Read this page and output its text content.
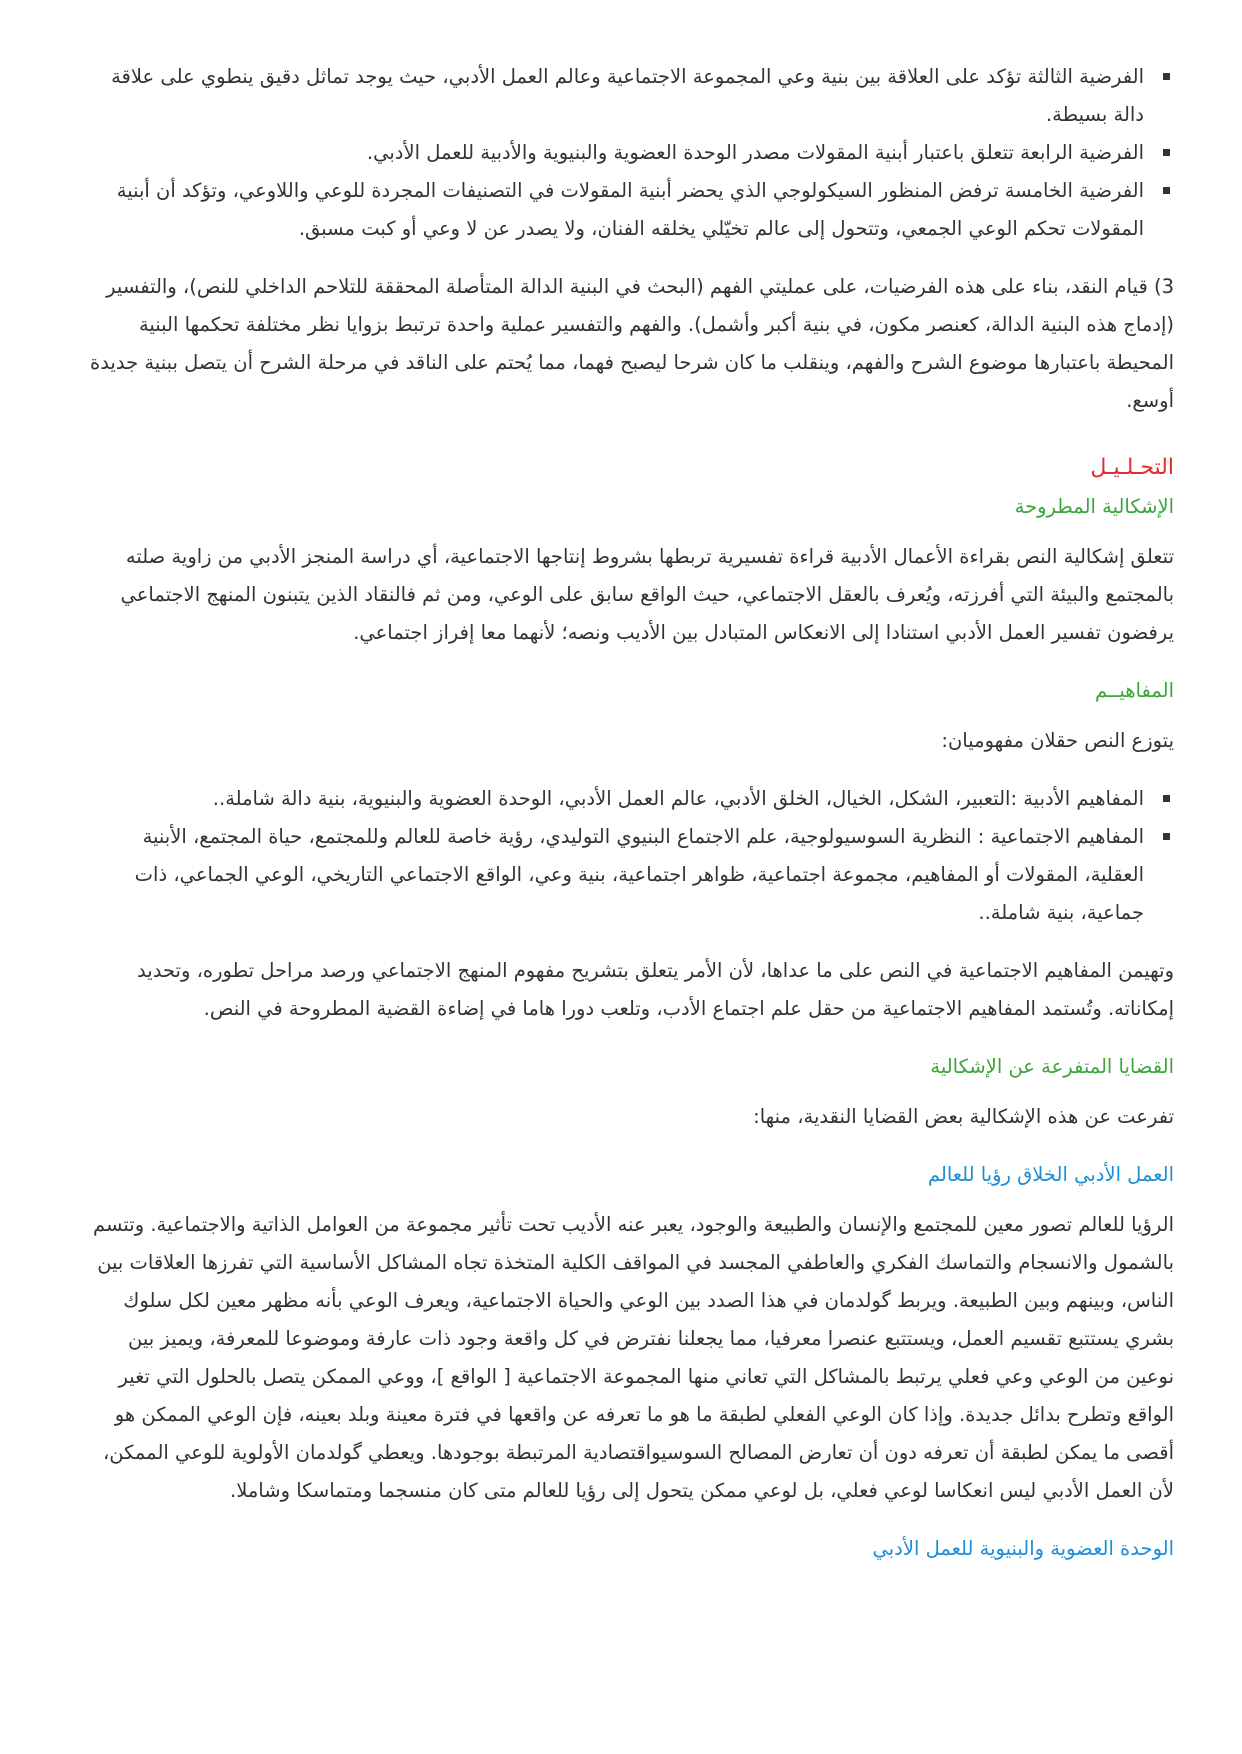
الفرضية الثالثة تؤكد على العلاقة بين بنية وعي المجموعة الاجتماعية وعالم العمل الأدبي، حيث يوجد تماثل دقيق ينطوي على علاقة دالة بسيطة.
الفرضية الرابعة تتعلق باعتبار أبنية المقولات مصدر الوحدة العضوية والبنيوية والأدبية للعمل الأدبي.
الفرضية الخامسة ترفض المنظور السيكولوجي الذي يحضر أبنية المقولات في التصنيفات المجردة للوعي واللاوعي، وتؤكد أن أبنية المقولات تحكم الوعي الجمعي، وتتحول إلى عالم تخيّلي يخلقه الفنان، ولا يصدر عن لا وعي أو كبت مسبق.

3) قيام النقد، بناء على هذه الفرضيات، على عمليتي الفهم (البحث في البنية الدالة المتأصلة المحققة للتلاحم الداخلي للنص)، والتفسير (إدماج هذه البنية الدالة، كعنصر مكون، في بنية أكبر وأشمل). والفهم والتفسير عملية واحدة ترتبط بزوايا نظر مختلفة تحكمها البنية المحيطة باعتبارها موضوع الشرح والفهم، وينقلب ما كان شرحا ليصبح فهما، مما يُحتم على الناقد في مرحلة الشرح أن يتصل ببنية جديدة أوسع.

التحـلـيـل
الإشكالية المطروحة

تتعلق إشكالية النص بقراءة الأعمال الأدبية قراءة تفسيرية تربطها بشروط إنتاجها الاجتماعية، أي دراسة المنجز الأدبي من زاوية صلته بالمجتمع والبيئة التي أفرزته، ويُعرف بالعقل الاجتماعي، حيث الواقع سابق على الوعي، ومن ثم فالنقاد الذين يتبنون المنهج الاجتماعي يرفضون تفسير العمل الأدبي استنادا إلى الانعكاس المتبادل بين الأديب ونصه؛ لأنهما معا إفراز اجتماعي.

المفاهيــم

يتوزع النص حقلان مفهوميان:

المفاهيم الأدبية :التعبير، الشكل، الخيال، الخلق الأدبي، عالم العمل الأدبي، الوحدة العضوية والبنيوية، بنية دالة شاملة..
المفاهيم الاجتماعية : النظرية السوسيولوجية، علم الاجتماع البنيوي التوليدي، رؤية خاصة للعالم وللمجتمع، حياة المجتمع، الأبنية العقلية، المقولات أو المفاهيم، مجموعة اجتماعية، ظواهر اجتماعية، بنية وعي، الواقع الاجتماعي التاريخي، الوعي الجماعي، ذات جماعية، بنية شاملة..

وتهيمن المفاهيم الاجتماعية في النص على ما عداها، لأن الأمر يتعلق بتشريح مفهوم المنهج الاجتماعي ورصد مراحل تطوره، وتحديد إمكاناته. وتُستمد المفاهيم الاجتماعية من حقل علم اجتماع الأدب، وتلعب دورا هاما في إضاءة القضية المطروحة في النص.

القضايا المتفرعة عن الإشكالية

تفرعت عن هذه الإشكالية بعض القضايا النقدية، منها:

العمل الأدبي الخلاق رؤيا للعالم

الرؤيا للعالم تصور معين للمجتمع والإنسان والطبيعة والوجود، يعبر عنه الأديب تحت تأثير مجموعة من العوامل الذاتية والاجتماعية. وتتسم بالشمول والانسجام والتماسك الفكري والعاطفي المجسد في المواقف الكلية المتخذة تجاه المشاكل الأساسية التي تفرزها العلاقات بين الناس، وبينهم وبين الطبيعة. ويربط گولدمان في هذا الصدد بين الوعي والحياة الاجتماعية، ويعرف الوعي بأنه مظهر معين لكل سلوك بشري يستتبع تقسيم العمل، ويستتبع عنصرا معرفيا، مما يجعلنا نفترض في كل واقعة وجود ذات عارفة وموضوعا للمعرفة، ويميز بين نوعين من الوعي وعي فعلي يرتبط بالمشاكل التي تعاني منها المجموعة الاجتماعية [ الواقع ]، ووعي الممكن يتصل بالحلول التي تغير الواقع وتطرح بدائل جديدة. وإذا كان الوعي الفعلي لطبقة ما هو ما تعرفه عن واقعها في فترة معينة وبلد بعينه، فإن الوعي الممكن هو أقصى ما يمكن لطبقة أن تعرفه دون أن تعارض المصالح السوسيواقتصادية المرتبطة بوجودها. ويعطي گولدمان الأولوية للوعي الممكن، لأن العمل الأدبي ليس انعكاسا لوعي فعلي، بل لوعي ممكن يتحول إلى رؤيا للعالم متى كان منسجما ومتماسكا وشاملا.

الوحدة العضوية والبنيوية للعمل الأدبي
